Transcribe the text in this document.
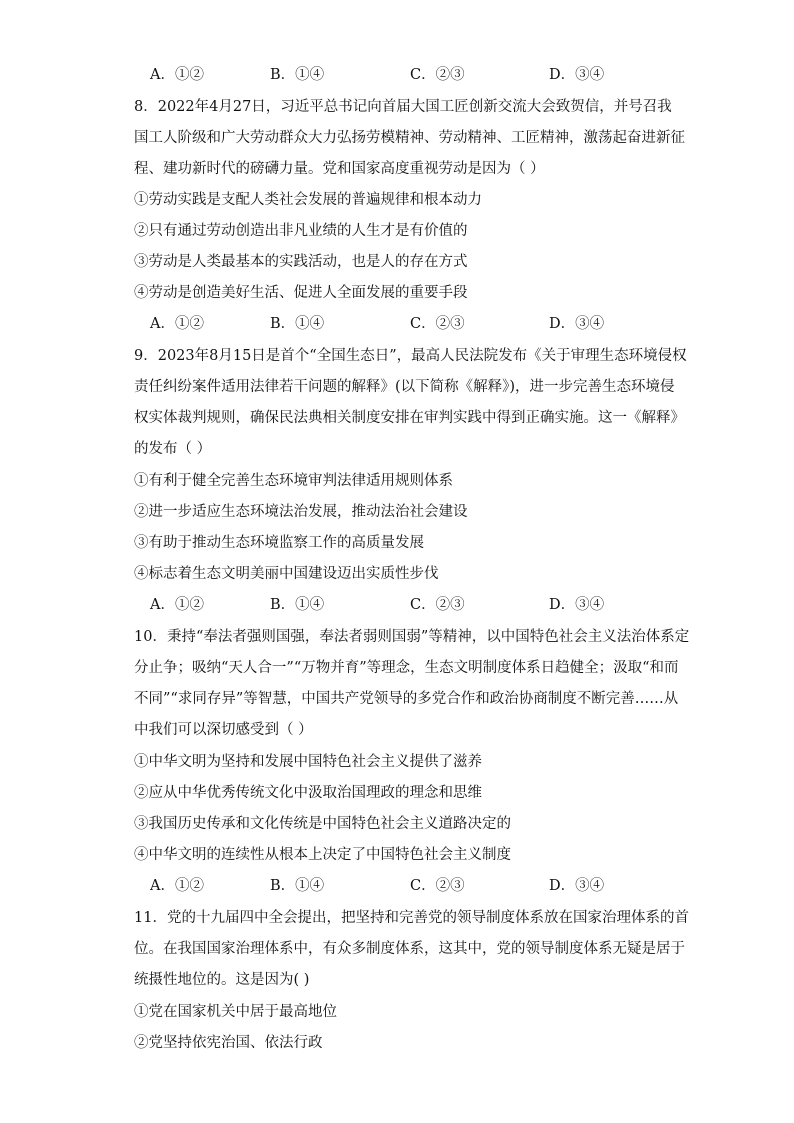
A．①②	B．①④	C．②③	D．③④
8．2022年4月27日，习近平总书记向首届大国工匠创新交流大会致贺信，并号召我
国工人阶级和广大劳动群众大力弘扬劳模精神、劳动精神、工匠精神，激荡起奋进新征
程、建功新时代的磅礴力量。党和国家高度重视劳动是因为（ ）
①劳动实践是支配人类社会发展的普遍规律和根本动力
②只有通过劳动创造出非凡业绩的人生才是有价值的
③劳动是人类最基本的实践活动，也是人的存在方式
④劳动是创造美好生活、促进人全面发展的重要手段
A．①②	B．①④	C．②③	D．③④
9．2023年8月15日是首个“全国生态日”，最高人民法院发布《关于审理生态环境侵权
责任纠纷案件适用法律若干问题的解释》(以下简称《解释》)，进一步完善生态环境侵
权实体裁判规则，确保民法典相关制度安排在审判实践中得到正确实施。这一《解释》
的发布（ ）
①有利于健全完善生态环境审判法律适用规则体系
②进一步适应生态环境法治发展，推动法治社会建设
③有助于推动生态环境监察工作的高质量发展
④标志着生态文明美丽中国建设迈出实质性步伐
A．①②	B．①④	C．②③	D．③④
10．秉持“奉法者强则国强，奉法者弱则国弱”等精神，以中国特色社会主义法治体系定
分止争；吸纳“天人合一”“万物并育”等理念，生态文明制度体系日趋健全；汲取“和而
不同”“求同存异”等智慧，中国共产党领导的多党合作和政治协商制度不断完善……从
中我们可以深切感受到（ ）
①中华文明为坚持和发展中国特色社会主义提供了滋养
②应从中华优秀传统文化中汲取治国理政的理念和思维
③我国历史传承和文化传统是中国特色社会主义道路决定的
④中华文明的连续性从根本上决定了中国特色社会主义制度
A．①②	B．①④	C．②③	D．③④
11．党的十九届四中全会提出，把坚持和完善党的领导制度体系放在国家治理体系的首
位。在我国国家治理体系中，有众多制度体系，这其中，党的领导制度体系无疑是居于
统摄性地位的。这是因为( )
①党在国家机关中居于最高地位
②党坚持依宪治国、依法行政
